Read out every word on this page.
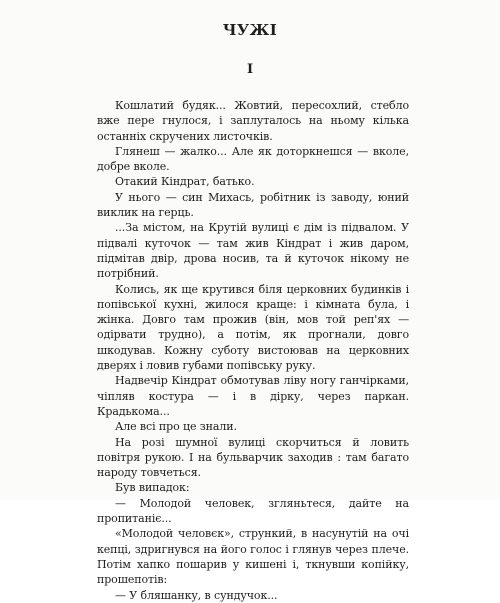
ЧУЖІ
І

Кошлатий будяк... Жовтий, пересохлий, стебло вже пере гнулося, і заплуталось на ньому кілька останніх скручених листочків.

Глянеш — жалко... Але як доторкнешся — вколе, добре вколе.

Отакий Кіндрат, батько.

У нього — син Михась, робітник із заводу, юний виклик на герць.

...За містом, на Крутій вулиці є дім із підвалом. У підвалі куточок — там жив Кіндрат і жив даром, підмітав двір, дрова носив, та й куточок нікому не потрібний.

Колись, як ще крутився біля церковних будинків і попівської кухні, жилося краще: і кімната була, і жінка. Довго там прожив (він, мов той реп'ях — одірвати трудно), а потім, як прогнали, довго шкодував. Кожну суботу вистоював на церковних дверях і ловив губами попівську руку.

Надвечір Кіндрат обмотував ліву ногу ганчірками, чіпляв костура — і в дірку, через паркан. Крадькома...

Але всі про це знали.

На розі шумної вулиці скорчиться й ловить повітря рукою. І на бульварчик заходив : там багато народу товчеться.

Був випадок:

— Молодой человек, згляньтеся, дайте на пропитаніє...

«Молодой человєк», стрункий, в насунутій на очі кепці, здригнувся на його голос і глянув через плече. Потім хапко пошарив у кишені і, ткнувши копійку, прошепотів:

— У бляшанку, в сундучок...
